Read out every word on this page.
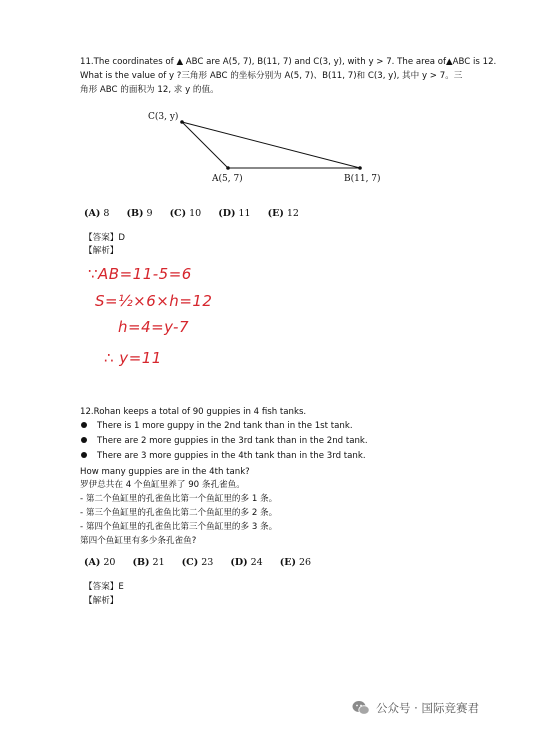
11.The coordinates of ▲ ABC are A(5, 7), B(11, 7) and C(3, y), with y > 7. The area of▲ABC is 12.
What is the value of y ?三角形 ABC 的坐标分别为 A(5, 7)、B(11, 7)和 C(3, y), 其中 y > 7。三
角形 ABC 的面积为 12, 求 y 的值。
C(3, y)
A(5, 7)	B(11, 7)
(A) 8 (B) 9 (C) 10 (D) 11 (E) 12
【答案】D
【解析】
∵AB=11-5=6
S=½×6×h=12
h=4=y-7
∴ y=11
12.Rohan keeps a total of 90 guppies in 4 fish tanks.
There is 1 more guppy in the 2nd tank than in the 1st tank.
There are 2 more guppies in the 3rd tank than in the 2nd tank.
There are 3 more guppies in the 4th tank than in the 3rd tank.
How many guppies are in the 4th tank?
罗伊总共在 4 个鱼缸里养了 90 条孔雀鱼。
- 第二个鱼缸里的孔雀鱼比第一个鱼缸里的多 1 条。
- 第三个鱼缸里的孔雀鱼比第二个鱼缸里的多 2 条。
- 第四个鱼缸里的孔雀鱼比第三个鱼缸里的多 3 条。
第四个鱼缸里有多少条孔雀鱼?
(A) 20 (B) 21 (C) 23 (D) 24 (E) 26
【答案】E
【解析】
公众号 · 国际竞赛君
